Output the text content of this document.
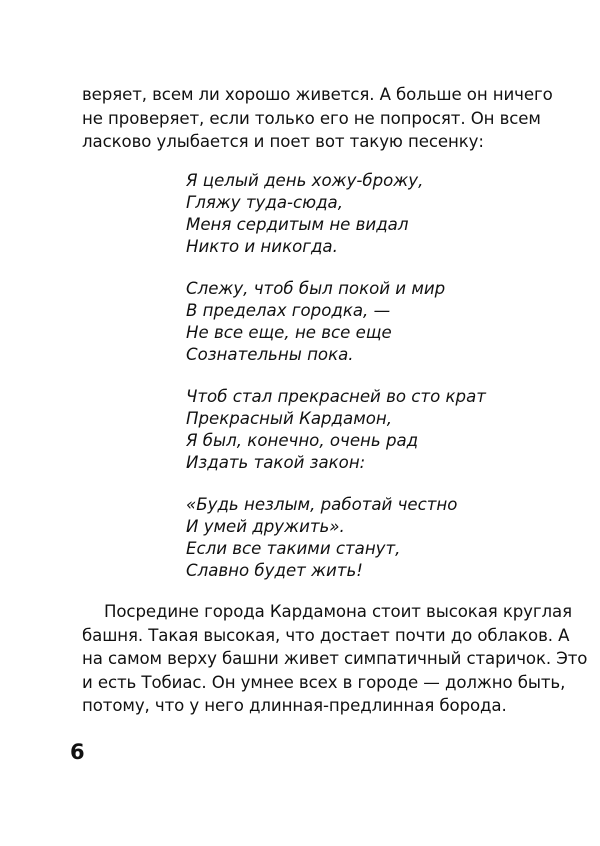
веряет, всем ли хорошо живется. А больше он ничего
не проверяет, если только его не попросят. Он всем
ласково улыбается и поет вот такую песенку:
Я целый день хожу-брожу,
Гляжу туда-сюда,
Меня сердитым не видал
Никто и никогда.
Слежу, чтоб был покой и мир
В пределах городка, —
Не все еще, не все еще
Сознательны пока.
Чтоб стал прекрасней во сто крат
Прекрасный Кардамон,
Я был, конечно, очень рад
Издать такой закон:
«Будь незлым, работай честно
И умей дружить».
Если все такими станут,
Славно будет жить!
Посредине города Кардамона стоит высокая круглая
башня. Такая высокая, что достает почти до облаков. А
на самом верху башни живет симпатичный старичок. Это
и есть Тобиас. Он умнее всех в городе — должно быть,
потому, что у него длинная-предлинная борода.
6
